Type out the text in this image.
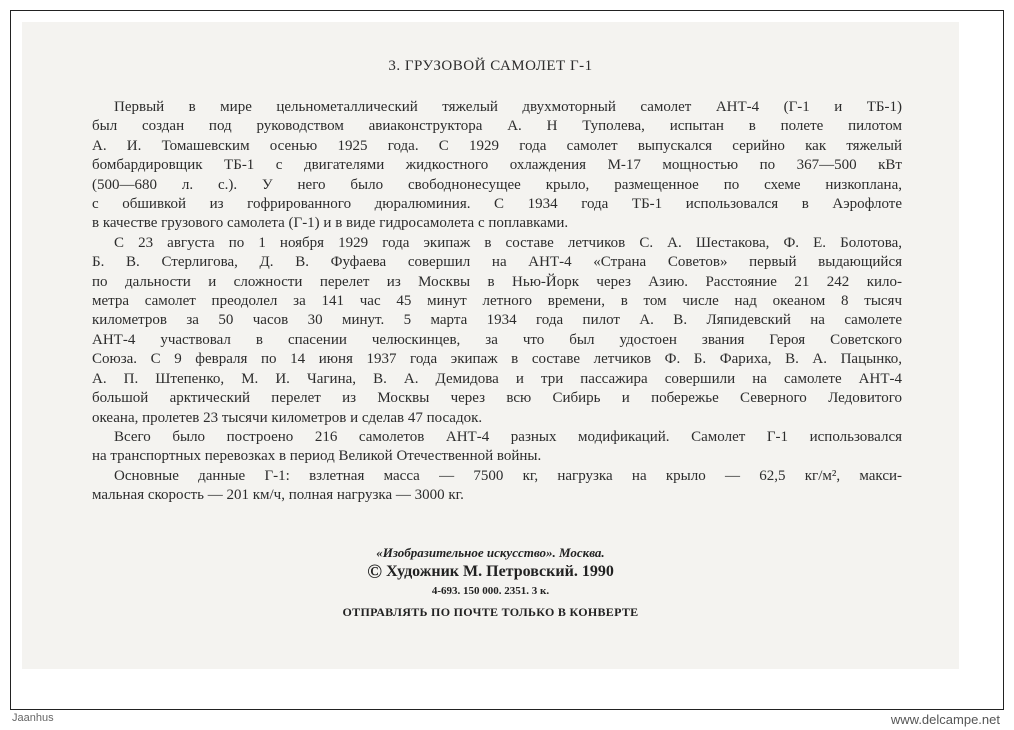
3. ГРУЗОВОЙ САМОЛЕТ Г-1

Первый в мире цельнометаллический тяжелый двухмоторный самолет АНТ-4 (Г-1 и ТБ-1)

был создан под руководством авиаконструктора А. Н Туполева, испытан в полете пилотом

А. И. Томашевским осенью 1925 года. С 1929 года самолет выпускался серийно как тяжелый

бомбардировщик ТБ-1 с двигателями жидкостного охлаждения М-17 мощностью по 367—500 кВт

(500—680 л. с.). У него было свободнонесущее крыло, размещенное по схеме низкоплана,

с обшивкой из гофрированного дюралюминия. С 1934 года ТБ-1 использовался в Аэрофлоте

в качестве грузового самолета (Г-1) и в виде гидросамолета с поплавками.

С 23 августа по 1 ноября 1929 года экипаж в составе летчиков С. А. Шестакова, Ф. Е. Болотова,

Б. В. Стерлигова, Д. В. Фуфаева совершил на АНТ-4 «Страна Советов» первый выдающийся

по дальности и сложности перелет из Москвы в Нью-Йорк через Азию. Расстояние 21 242 кило-

метра самолет преодолел за 141 час 45 минут летного времени, в том числе над океаном 8 тысяч

километров за 50 часов 30 минут. 5 марта 1934 года пилот А. В. Ляпидевский на самолете

АНТ-4 участвовал в спасении челюскинцев, за что был удостоен звания Героя Советского

Союза. С 9 февраля по 14 июня 1937 года экипаж в составе летчиков Ф. Б. Фариха, В. А. Пацынко,

А. П. Штепенко, М. И. Чагина, В. А. Демидова и три пассажира совершили на самолете АНТ-4

большой арктический перелет из Москвы через всю Сибирь и побережье Северного Ледовитого

океана, пролетев 23 тысячи километров и сделав 47 посадок.

Всего было построено 216 самолетов АНТ-4 разных модификаций. Самолет Г-1 использовался

на транспортных перевозках в период Великой Отечественной войны.

Основные данные Г-1: взлетная масса — 7500 кг, нагрузка на крыло — 62,5 кг/м², макси-

мальная скорость — 201 км/ч, полная нагрузка — 3000 кг.

«Изобразительное искусство». Москва.
© Художник М. Петровский. 1990
4-693. 150 000. 2351. 3 к.
ОТПРАВЛЯТЬ ПО ПОЧТЕ ТОЛЬКО В КОНВЕРТЕ
Jaanhus	www.delcampe.net
